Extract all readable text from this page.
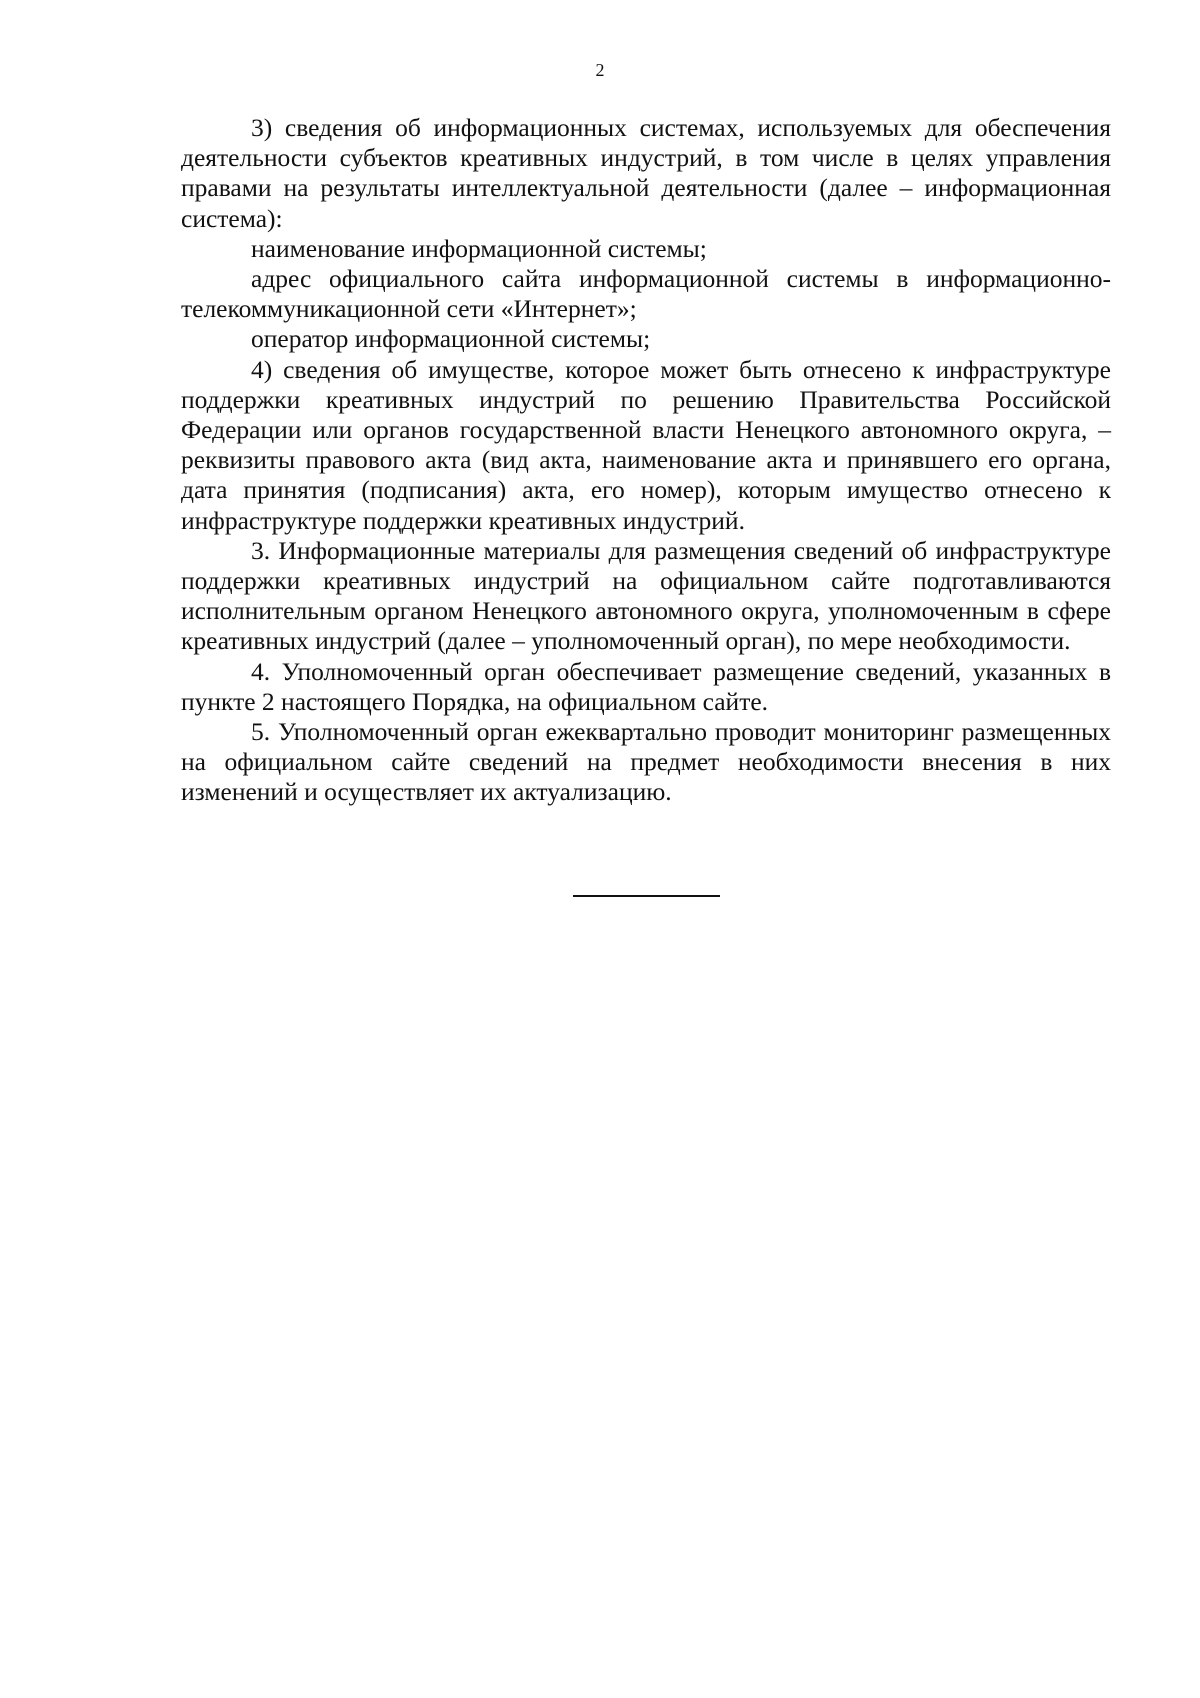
2

3) сведения об информационных системах, используемых для обеспечения деятельности субъектов креативных индустрий, в том числе в целях управления правами на результаты интеллектуальной деятельности (далее – информационная система):

наименование информационной системы;

адрес официального сайта информационной системы в информационно-телекоммуникационной сети «Интернет»;

оператор информационной системы;

4) сведения об имуществе, которое может быть отнесено к инфраструктуре поддержки креативных индустрий по решению Правительства Российской Федерации или органов государственной власти Ненецкого автономного округа, – реквизиты правового акта (вид акта, наименование акта и принявшего его органа, дата принятия (подписания) акта, его номер), которым имущество отнесено к инфраструктуре поддержки креативных индустрий.

3. Информационные материалы для размещения сведений об инфраструктуре поддержки креативных индустрий на официальном сайте подготавливаются исполнительным органом Ненецкого автономного округа, уполномоченным в сфере креативных индустрий (далее – уполномоченный орган), по мере необходимости.

4. Уполномоченный орган обеспечивает размещение сведений, указанных в пункте 2 настоящего Порядка, на официальном сайте.

5. Уполномоченный орган ежеквартально проводит мониторинг размещенных на официальном сайте сведений на предмет необходимости внесения в них изменений и осуществляет их актуализацию.
